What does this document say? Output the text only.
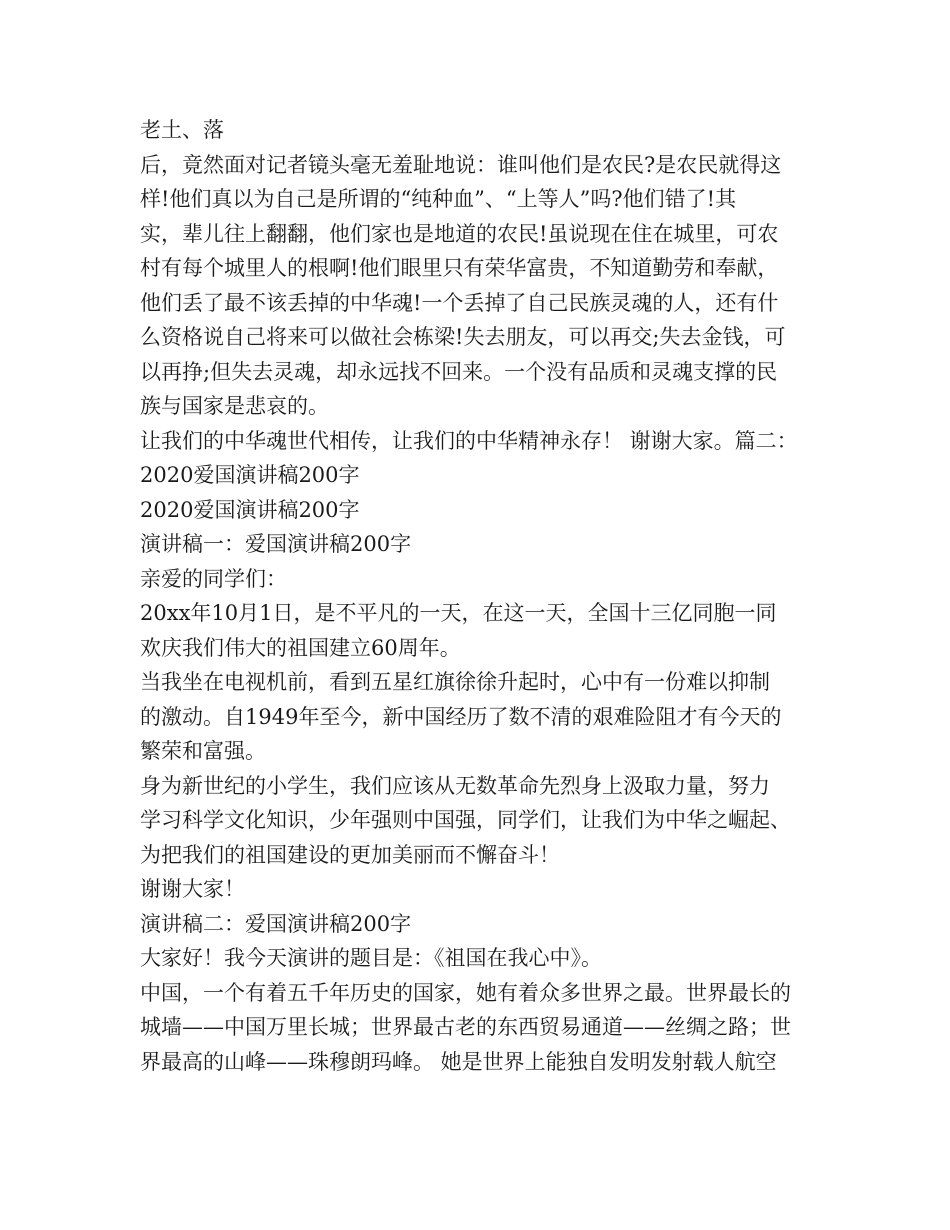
老土、落
后，竟然面对记者镜头毫无羞耻地说：谁叫他们是农民?是农民就得这
样!他们真以为自己是所谓的“纯种血”、“上等人”吗?他们错了!其
实，辈儿往上翻翻，他们家也是地道的农民!虽说现在住在城里，可农
村有每个城里人的根啊!他们眼里只有荣华富贵，不知道勤劳和奉献，
他们丢了最不该丢掉的中华魂!一个丢掉了自己民族灵魂的人，还有什
么资格说自己将来可以做社会栋梁!失去朋友，可以再交;失去金钱，可
以再挣;但失去灵魂，却永远找不回来。一个没有品质和灵魂支撑的民
族与国家是悲哀的。
让我们的中华魂世代相传，让我们的中华精神永存！ 谢谢大家。篇二：
2020爱国演讲稿200字
2020爱国演讲稿200字
演讲稿一：爱国演讲稿200字
亲爱的同学们：
20xx年10月1日，是不平凡的一天，在这一天，全国十三亿同胞一同
欢庆我们伟大的祖国建立60周年。
当我坐在电视机前，看到五星红旗徐徐升起时，心中有一份难以抑制
的激动。自1949年至今，新中国经历了数不清的艰难险阻才有今天的
繁荣和富强。
身为新世纪的小学生，我们应该从无数革命先烈身上汲取力量，努力
学习科学文化知识，少年强则中国强，同学们，让我们为中华之崛起、
为把我们的祖国建设的更加美丽而不懈奋斗！
谢谢大家！
演讲稿二：爱国演讲稿200字
大家好！我今天演讲的题目是：《祖国在我心中》。
中国，一个有着五千年历史的国家，她有着众多世界之最。世界最长的
城墙——中国万里长城；世界最古老的东西贸易通道——丝绸之路；世
界最高的山峰——珠穆朗玛峰。 她是世界上能独自发明发射载人航空
